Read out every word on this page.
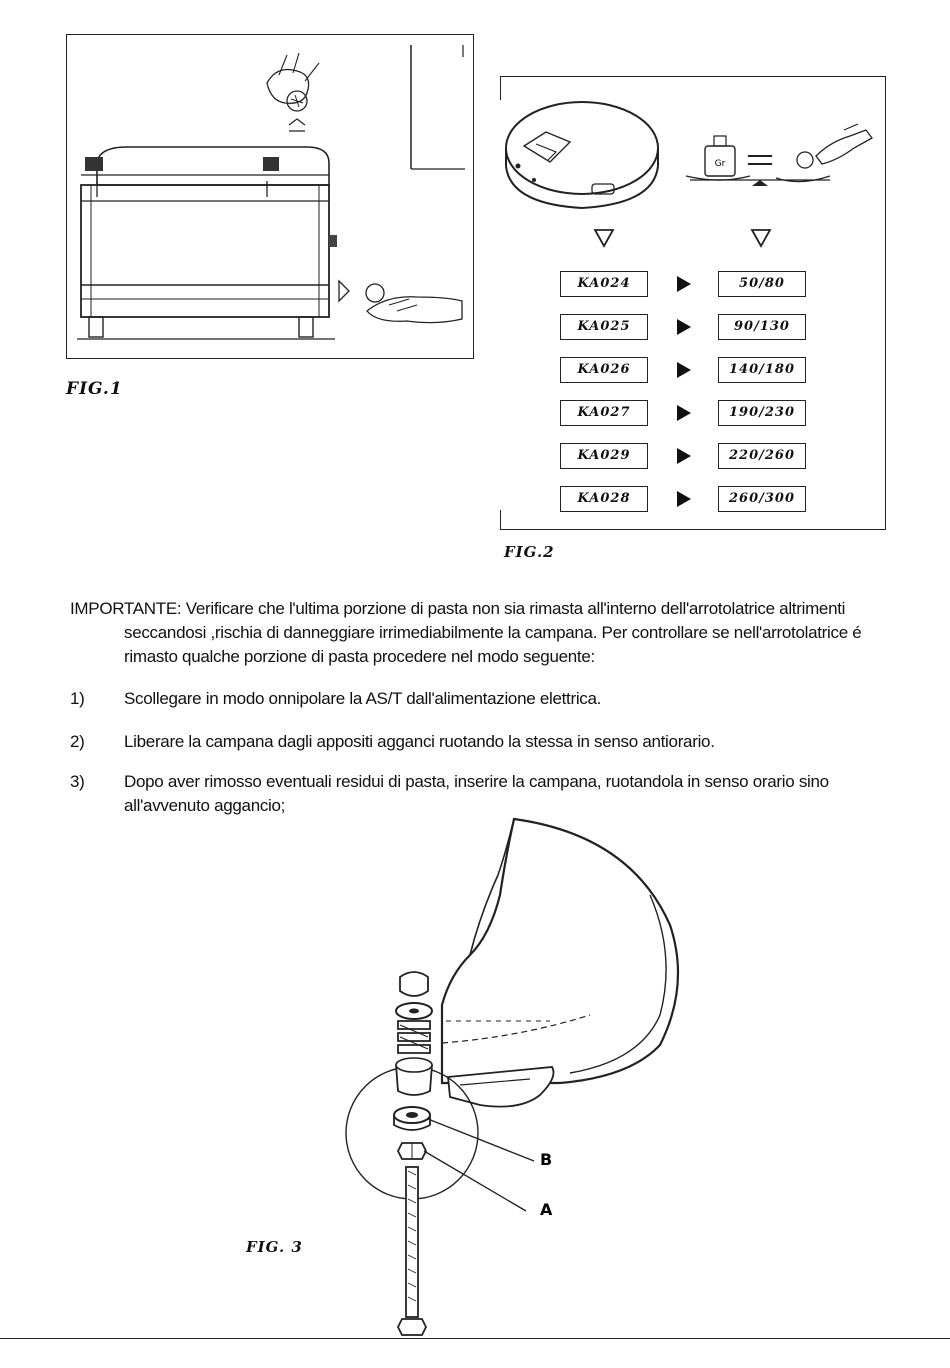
FIG.1
Gr
KA024	50/80
KA025	90/130
KA026	140/180
KA027	190/230
KA029	220/260
KA028	260/300
FIG.2
IMPORTANTE: Verificare che l'ultima porzione di pasta non sia rimasta all'interno dell'arrotolatrice altrimenti seccandosi ,rischia di danneggiare irrimediabilmente la campana. Per controllare se nell'arrotolatrice é rimasto qualche porzione di pasta procedere nel modo seguente:
1)	Scollegare in modo onnipolare la AS/T dall'alimentazione elettrica.
2)	Liberare la campana dagli appositi agganci ruotando la stessa in senso antiorario.
3)	Dopo aver rimosso eventuali residui di pasta, inserire la campana, ruotandola in senso orario sino all'avvenuto aggancio;
B
A
FIG. 3
